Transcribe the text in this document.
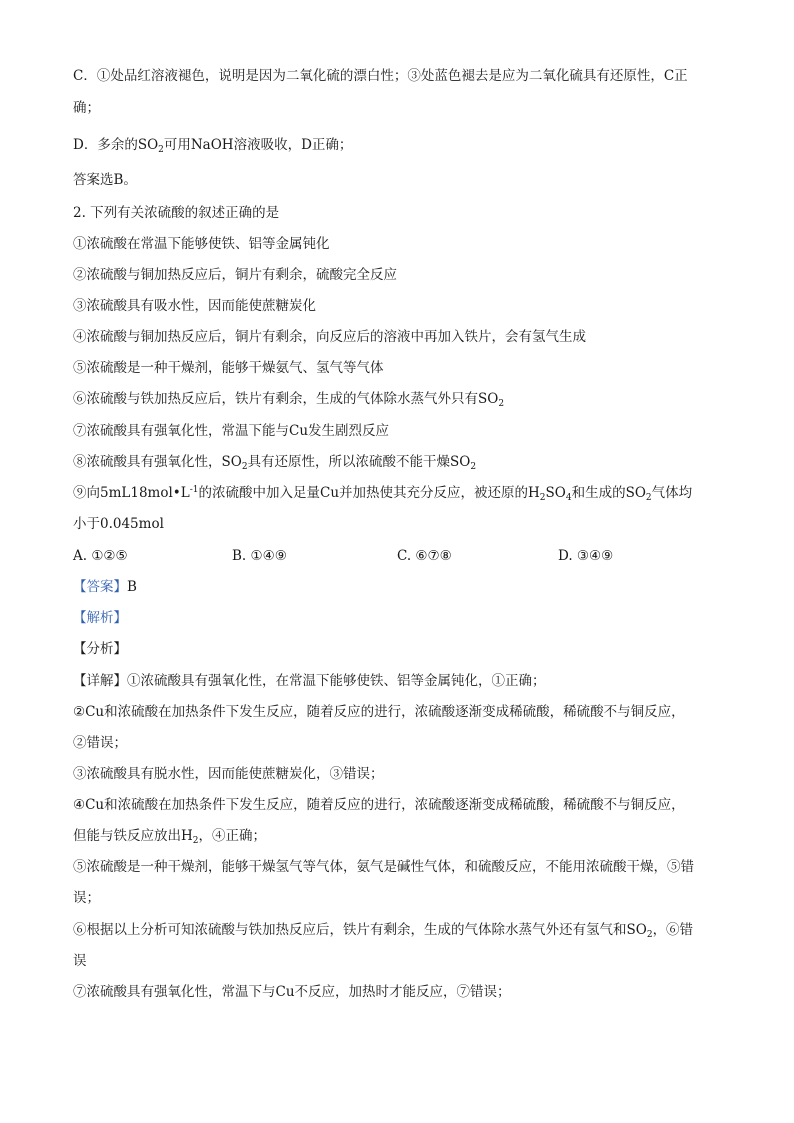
C．①处品红溶液褪色，说明是因为二氧化硫的漂白性；③处蓝色褪去是应为二氧化硫具有还原性，C正
确；
D．多余的$SO_2$可用NaOH溶液吸收，D正确；
答案选B。
2. 下列有关浓硫酸的叙述正确的是
①浓硫酸在常温下能够使铁、铝等金属钝化
②浓硫酸与铜加热反应后，铜片有剩余，硫酸完全反应
③浓硫酸具有吸水性，因而能使蔗糖炭化
④浓硫酸与铜加热反应后，铜片有剩余，向反应后的溶液中再加入铁片，会有氢气生成
⑤浓硫酸是一种干燥剂，能够干燥氨气、氢气等气体
⑥浓硫酸与铁加热反应后，铁片有剩余，生成的气体除水蒸气外只有$SO_2$
⑦浓硫酸具有强氧化性，常温下能与Cu发生剧烈反应
⑧浓硫酸具有强氧化性，$SO_2$具有还原性，所以浓硫酸不能干燥$SO_2$
⑨向$5mL18mol•L^{-1}$的浓硫酸中加入足量Cu并加热使其充分反应，被还原的$H_2SO_4$和生成的$SO_2$气体均
小于0.045mol
A. ①②⑤	B. ①④⑨	C. ⑥⑦⑧	D. ③④⑨
【答案】B
【解析】
【分析】
【详解】①浓硫酸具有强氧化性，在常温下能够使铁、铝等金属钝化，①正确；
②Cu和浓硫酸在加热条件下发生反应，随着反应的进行，浓硫酸逐渐变成稀硫酸，稀硫酸不与铜反应，
②错误；
③浓硫酸具有脱水性，因而能使蔗糖炭化，③错误；
④Cu和浓硫酸在加热条件下发生反应，随着反应的进行，浓硫酸逐渐变成稀硫酸，稀硫酸不与铜反应，
但能与铁反应放出$H_2$，④正确；
⑤浓硫酸是一种干燥剂，能够干燥氢气等气体，氨气是碱性气体，和硫酸反应，不能用浓硫酸干燥，⑤错
误；
⑥根据以上分析可知浓硫酸与铁加热反应后，铁片有剩余，生成的气体除水蒸气外还有氢气和$SO_2$，⑥错
误
⑦浓硫酸具有强氧化性，常温下与Cu不反应，加热时才能反应，⑦错误；
